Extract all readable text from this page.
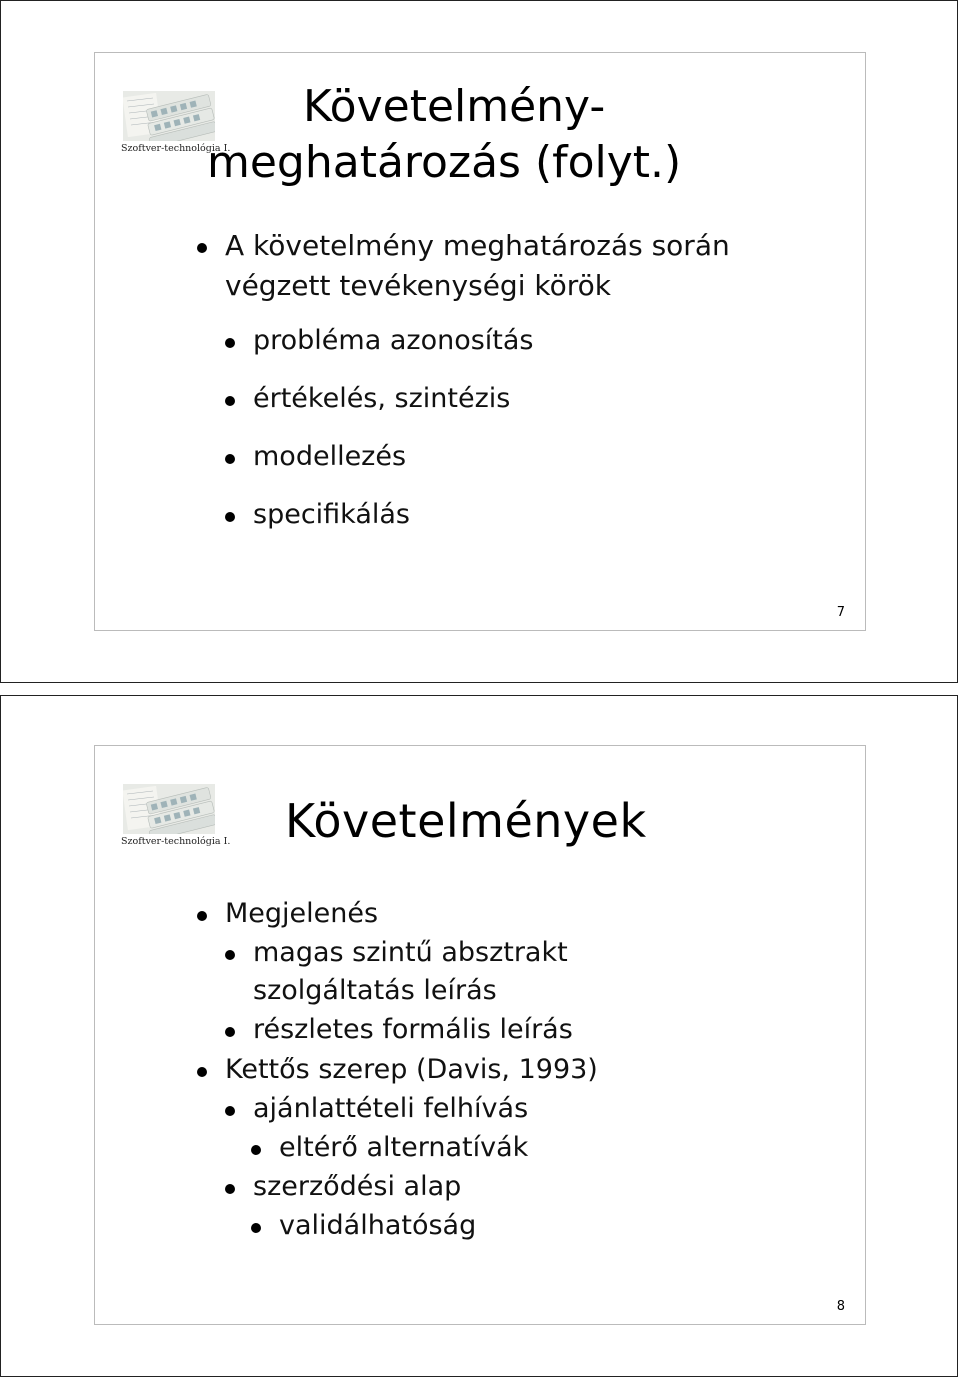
Szoftver-technológia I.
Követelmény-
meghatározás (folyt.)
A követelmény meghatározás során
végzett tevékenységi körök
probléma azonosítás
értékelés, szintézis
modellezés
specifikálás
7
Szoftver-technológia I. Követelmények
Megjelenés
magas szintű absztrakt
szolgáltatás leírás
részletes formális leírás
Kettős szerep (Davis, 1993)
ajánlattételi felhívás
eltérő alternatívák
szerződési alap
validálhatóság
8
